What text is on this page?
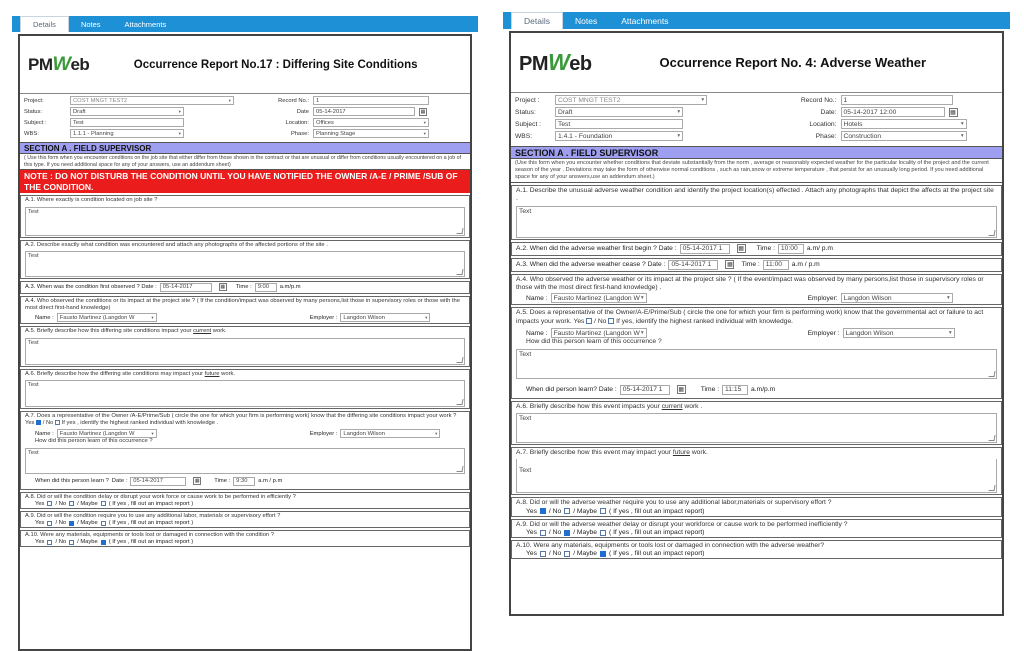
Details	Notes	Attachments
PMWeb	Occurrence Report No.17 : Differing Site Conditions
Project:	COST MNGT TEST2	▾	Record No.:	1
Status:	Draft	▾	Date	05-14-2017	▦
Subject :	Test	Location:	Offices	▾
WBS:	1.1.1 - Planning	▾	Phase:	Planning Stage	▾
SECTION A . FIELD SUPERVISOR
( Use this form when you encounter conditions on the job site that either differ from those shown in the contract or that are unusual or differ from conditions usually encountered on a job of this type. If you need additional space for any of your answers, use an addendum sheet)
NOTE : DO NOT DISTURB THE CONDITION UNTIL YOU HAVE NOTIFIED THE OWNER /A-E / PRIME /SUB OF THE CONDITION.
A.1. Where exactly is condition located on job site ?
Test
A.2. Describe exactly what condition was encountered and attach any photographs of the affected portions of the site .
Test
A.3. When was the condition first observed ? Date :	05-14-2017	▦ Time :	9:00	a.m/p.m
A.4. Who observed the conditions or its impact at the project site ? ( If the condition/impact was observed by many persons,list those in supervisory roles or those with the most direct first-hand knowledge)
Name : Fausto Martinez (Langdon W	▾	Employer : Langdon Wilson	▾
A.5. Briefly describe how this differing site conditions impact your current work.
Test
A.6. Briefly describe how the differing site conditions may impact your future work.
Test
A.7. Does a representative of the Owner /A-E/Prime/Sub ( circle the one for which your firm is performing work) know that the differing site conditions impact your work ? Yes / No If yes , identify the highest ranked individual with knowledge .
Name : Fausto Martinez (Langdon W	▾	Employer : Langdon Wilson	▾
How did this person learn of this occurrence ?
Test
When did this person learn ? Date :	05-14-2017	▦	Time :	9:30	a.m / p.m
A.8. Did or will the condition delay or disrupt your work force or cause work to be performed in efficiently ?
Yes / No / Maybe ( If yes , fill out an impact report )
A.9. Did or will the condition require you to use any additional labor, materials or supervisory effort ?
Yes / No / Maybe ( If yes , fill out an impact report )
A.10. Were any materials, equipments or tools lost or damaged in connection with the condition ?
Yes / No / Maybe ( If yes , fill out an impact report )
Details	Notes	Attachments
PMWeb	Occurrence Report No. 4: Adverse Weather
Project :	COST MNGT TEST2	▾	Record No.:	1
Status:	Draft	▾	Date:	05-14-2017 12:00	▦
Subject :	Test	Location:	Hotels	▾
WBS:	1.4.1 - Foundation	▾	Phase:	Construction	▾
SECTION A . FIELD SUPERVISOR
(Use this form when you encounter whether conditions that deviate substantially from the norm , average or reasonably expected weather for the particular locality of the project and the current season of the year . Deviations may take the form of otherwise normal conditions , such as rain,snow or extreme temperature , that persist for an unusually long period. If you need additional space for any of your answers,use an addendum sheet.)
A.1. Describe the unusual adverse weather condition and identify the project location(s) effected . Attach any photographs that depict the affects at the project site .
Text
A.2. When did the adverse weather first begin ? Date : 05-14-2017 1	▦ Time : 10:00	a.m/ p.m
A.3. When did the adverse weather cease ? Date : 05-14-2017 1	▦ Time : 11:00	a.m / p.m
A.4. Who observed the adverse weather or its impact at the project site ? ( If the event/impact was observed by many persons,list those in supervisory roles or those with the most direct first-hand knowledge) .
Name : Fausto Martinez (Langdon W ▾	Employer: Langdon Wilson	▾
A.5. Does a representative of the Owner/A-E/Prime/Sub ( circle the one for which your firm is performing work) know that the governmental act or failure to act impacts your work. Yes / No If yes, identify the highest ranked individual with knowledge.
Name : Fausto Martinez (Langdon W ▾	Employer : Langdon Wilson	▾
How did this person learn of this occurrence ?
Text
When did person learn? Date : 05-14-2017 1	▦ Time : 11:15	a.m/p.m
A.6. Briefly describe how this event impacts your current work .
Text
A.7. Briefly describe how this event may impact your future work.
Text
A.8. Did or will the adverse weather require you to use any additional labor,materials or supervisory effort ?
Yes / No / Maybe ( If yes , fill out an impact report)
A.9. Did or will the adverse weather delay or disrupt your workforce or cause work to be performed inefficiently ?
Yes / No / Maybe ( If yes , fill out an impact report)
A.10. Were any materials, equipments or tools lost or damaged in connection with the adverse weather?
Yes / No / Maybe ( If yes , fill out an impact report)
